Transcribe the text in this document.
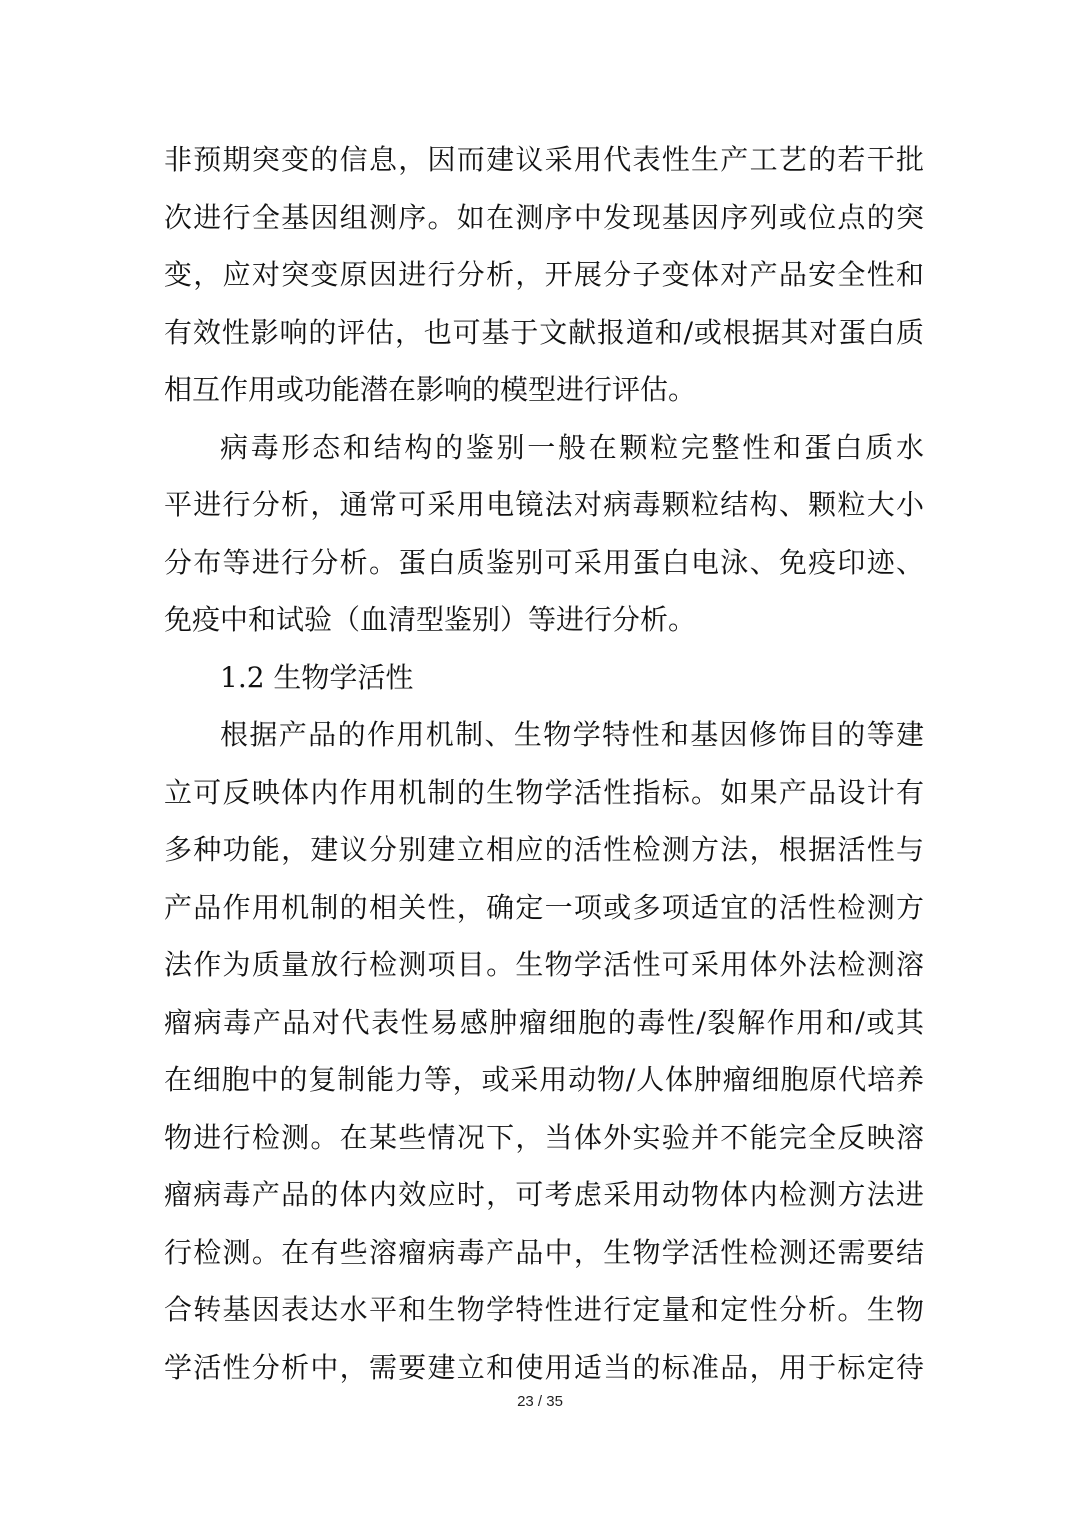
非预期突变的信息，因而建议采用代表性生产工艺的若干批
次进行全基因组测序。如在测序中发现基因序列或位点的突
变，应对突变原因进行分析，开展分子变体对产品安全性和
有效性影响的评估，也可基于文献报道和/或根据其对蛋白质
相互作用或功能潜在影响的模型进行评估。
病毒形态和结构的鉴别一般在颗粒完整性和蛋白质水
平进行分析，通常可采用电镜法对病毒颗粒结构、颗粒大小
分布等进行分析。蛋白质鉴别可采用蛋白电泳、免疫印迹、
免疫中和试验（血清型鉴别）等进行分析。
1.2 生物学活性
根据产品的作用机制、生物学特性和基因修饰目的等建
立可反映体内作用机制的生物学活性指标。如果产品设计有
多种功能，建议分别建立相应的活性检测方法，根据活性与
产品作用机制的相关性，确定一项或多项适宜的活性检测方
法作为质量放行检测项目。生物学活性可采用体外法检测溶
瘤病毒产品对代表性易感肿瘤细胞的毒性/裂解作用和/或其
在细胞中的复制能力等，或采用动物/人体肿瘤细胞原代培养
物进行检测。在某些情况下，当体外实验并不能完全反映溶
瘤病毒产品的体内效应时，可考虑采用动物体内检测方法进
行检测。在有些溶瘤病毒产品中，生物学活性检测还需要结
合转基因表达水平和生物学特性进行定量和定性分析。生物
学活性分析中，需要建立和使用适当的标准品，用于标定待
23 / 35
